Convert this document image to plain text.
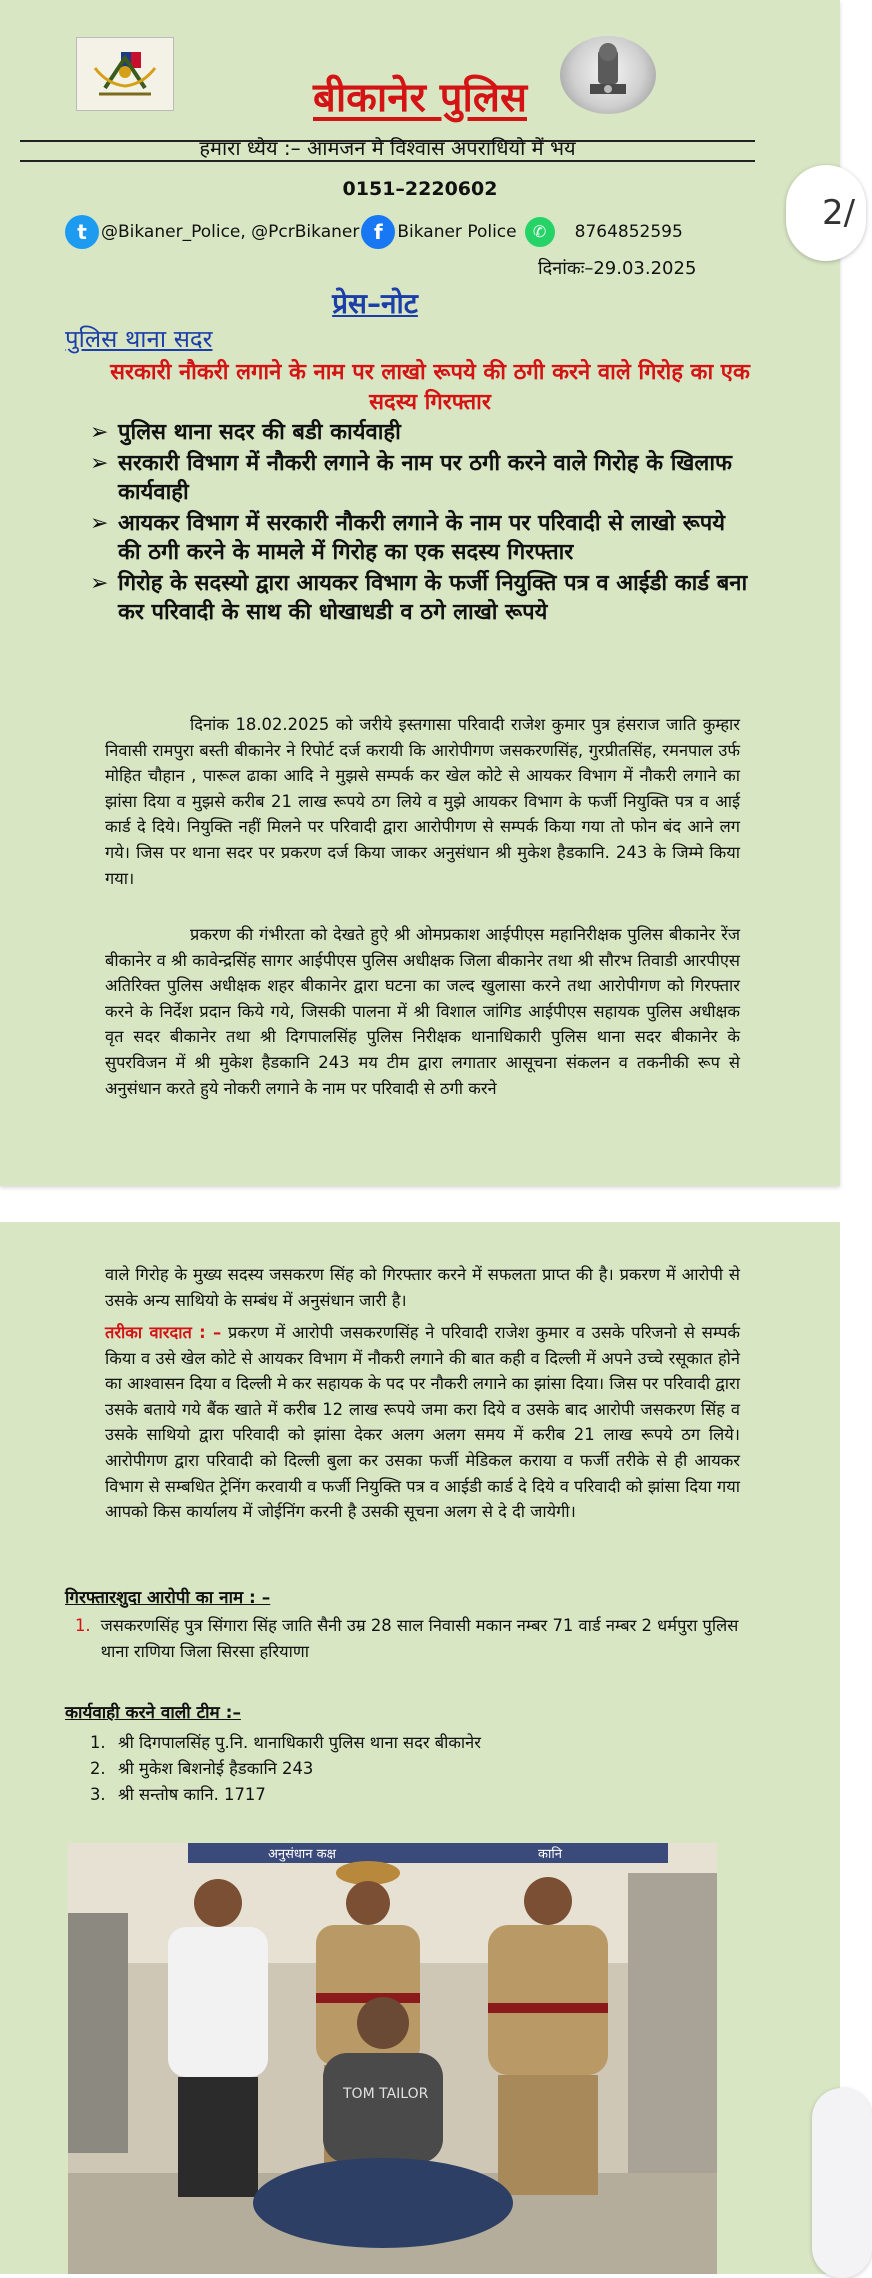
बीकानेर पुलिस
हमारा ध्येय :– आमजन मे विश्वास अपराधियो में भय
0151–2220602
t @Bikaner_Police, @PcrBikaner f Bikaner Police	✆	8764852595
दिनांकः–29.03.2025
प्रेस–नोट
पुलिस थाना सदर
सरकारी नौकरी लगाने के नाम पर लाखो रूपये की ठगी करने वाले गिरोह का एक सदस्य गिरफ्तार
➢ पुलिस थाना सदर की बडी कार्यवाही
➢ सरकारी विभाग में नौकरी लगाने के नाम पर ठगी करने वाले गिरोह के खिलाफ कार्यवाही
➢ आयकर विभाग में सरकारी नौकरी लगाने के नाम पर परिवादी से लाखो रूपये की ठगी करने के मामले में गिरोह का एक सदस्य गिरफ्तार
➢ गिरोह के सदस्यो द्वारा आयकर विभाग के फर्जी नियुक्ति पत्र व आईडी कार्ड बना कर परिवादी के साथ की धोखाधडी व ठगे लाखो रूपये

दिनांक 18.02.2025 को जरीये इस्तगासा परिवादी राजेश कुमार पुत्र हंसराज जाति कुम्हार निवासी रामपुरा बस्ती बीकानेर ने रिपोर्ट दर्ज करायी कि आरोपीगण जसकरणसिंह, गुरप्रीतसिंह, रमनपाल उर्फ मोहित चौहान , पारूल ढाका आदि ने मुझसे सम्पर्क कर खेल कोटे से आयकर विभाग में नौकरी लगाने का झांसा दिया व मुझसे करीब 21 लाख रूपये ठग लिये व मुझे आयकर विभाग के फर्जी नियुक्ति पत्र व आई कार्ड दे दिये। नियुक्ति नहीं मिलने पर परिवादी द्वारा आरोपीगण से सम्पर्क किया गया तो फोन बंद आने लग गये। जिस पर थाना सदर पर प्रकरण दर्ज किया जाकर अनुसंधान श्री मुकेश हैडकानि. 243 के जिम्मे किया गया।

प्रकरण की गंभीरता को देखते हुऐ श्री ओमप्रकाश आईपीएस महानिरीक्षक पुलिस बीकानेर रेंज बीकानेर व श्री कावेन्द्रसिंह सागर आईपीएस पुलिस अधीक्षक जिला बीकानेर तथा श्री सौरभ तिवाडी आरपीएस अतिरिक्त पुलिस अधीक्षक शहर बीकानेर द्वारा घटना का जल्द खुलासा करने तथा आरोपीगण को गिरफ्तार करने के निर्देश प्रदान किये गये, जिसकी पालना में श्री विशाल जांगिड आईपीएस सहायक पुलिस अधीक्षक वृत सदर बीकानेर तथा श्री दिगपालसिंह पुलिस निरीक्षक थानाधिकारी पुलिस थाना सदर बीकानेर के सुपरविजन में श्री मुकेश हैडकानि 243 मय टीम द्वारा लगातार आसूचना संकलन व तकनीकी रूप से अनुसंधान करते हुये नोकरी लगाने के नाम पर परिवादी से ठगी करने

2/

वाले गिरोह के मुख्य सदस्य जसकरण सिंह को गिरफ्तार करने में सफलता प्राप्त की है। प्रकरण में आरोपी से उसके अन्य साथियो के सम्बंध में अनुसंधान जारी है।

तरीका वारदात : – प्रकरण में आरोपी जसकरणसिंह ने परिवादी राजेश कुमार व उसके परिजनो से सम्पर्क किया व उसे खेल कोटे से आयकर विभाग में नौकरी लगाने की बात कही व दिल्ली में अपने उच्चे रसूकात होने का आश्वासन दिया व दिल्ली मे कर सहायक के पद पर नौकरी लगाने का झांसा दिया। जिस पर परिवादी द्वारा उसके बताये गये बैंक खाते में करीब 12 लाख रूपये जमा करा दिये व उसके बाद आरोपी जसकरण सिंह व उसके साथियो द्वारा परिवादी को झांसा देकर अलग अलग समय में करीब 21 लाख रूपये ठग लिये। आरोपीगण द्वारा परिवादी को दिल्ली बुला कर उसका फर्जी मेडिकल कराया व फर्जी तरीके से ही आयकर विभाग से सम्बधित ट्रेनिंग करवायी व फर्जी नियुक्ति पत्र व आईडी कार्ड दे दिये व परिवादी को झांसा दिया गया आपको किस कार्यालय में जोईनिंग करनी है उसकी सूचना अलग से दे दी जायेगी।

गिरफ्तारशुदा आरोपी का नाम : –
1. जसकरणसिंह पुत्र सिंगारा सिंह जाति सैनी उम्र 28 साल निवासी मकान नम्बर 71 वार्ड नम्बर 2 धर्मपुरा पुलिस थाना राणिया जिला सिरसा हरियाणा
कार्यवाही करने वाली टीम :–
1. श्री दिगपालसिंह पु.नि. थानाधिकारी पुलिस थाना सदर बीकानेर
2. श्री मुकेश बिशनोई हैडकानि 243
3. श्री सन्तोष कानि. 1717
अनुसंधान कक्ष	कानि
TOM TAILOR
